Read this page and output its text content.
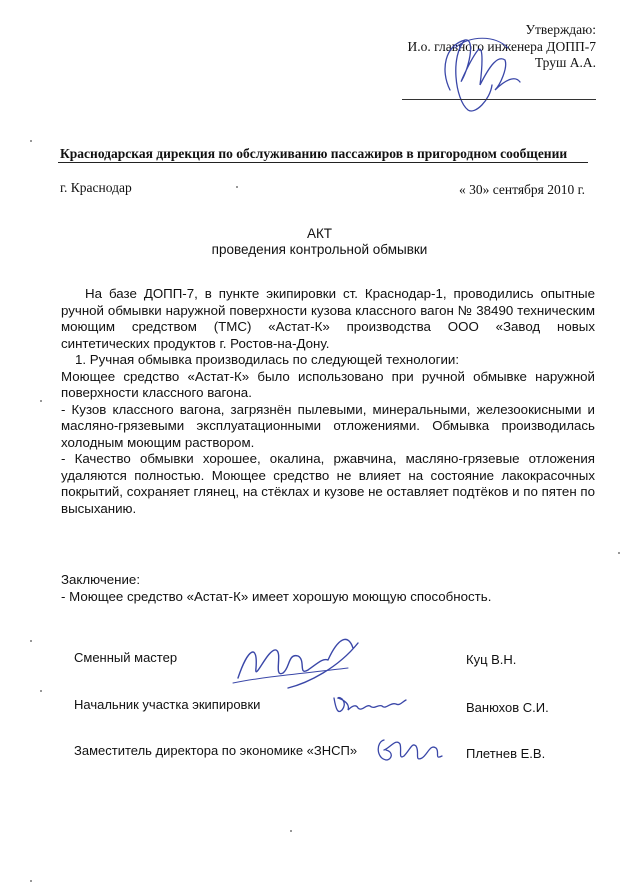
Утверждаю:
И.о. главного инженера ДОПП-7
Труш А.А.
Краснодарская дирекция по обслуживанию пассажиров в пригородном сообщении
г. Краснодар	« 30» сентября 2010 г.
АКТ
проведения контрольной обмывки

На базе ДОПП-7, в пункте экипировки ст. Краснодар-1, проводились опытные ручной обмывки наружной поверхности кузова классного вагон № 38490 техническим моющим средством (ТМС) «Астат-К» производства ООО «Завод новых синтетических продуктов г. Ростов-на-Дону.

1. Ручная обмывка производилась по следующей технологии:

Моющее средство «Астат-К» было использовано при ручной обмывке наружной поверхности классного вагона.

- Кузов классного вагона, загрязнён пылевыми, минеральными, железоокисными и масляно-грязевыми эксплуатационными отложениями. Обмывка производилась холодным моющим раствором.

- Качество обмывки хорошее, окалина, ржавчина, масляно-грязевые отложения удаляются полностью. Моющее средство не влияет на состояние лакокрасочных покрытий, сохраняет глянец, на стёклах и кузове не оставляет подтёков и по пятен по высыханию.

Заключение:
- Моющее средство «Астат-К» имеет хорошую моющую способность.
Сменный мастер	Куц В.Н.
Начальник участка экипировки	Ванюхов С.И.
Заместитель директора по экономике «ЗНСП»	Плетнев Е.В.
